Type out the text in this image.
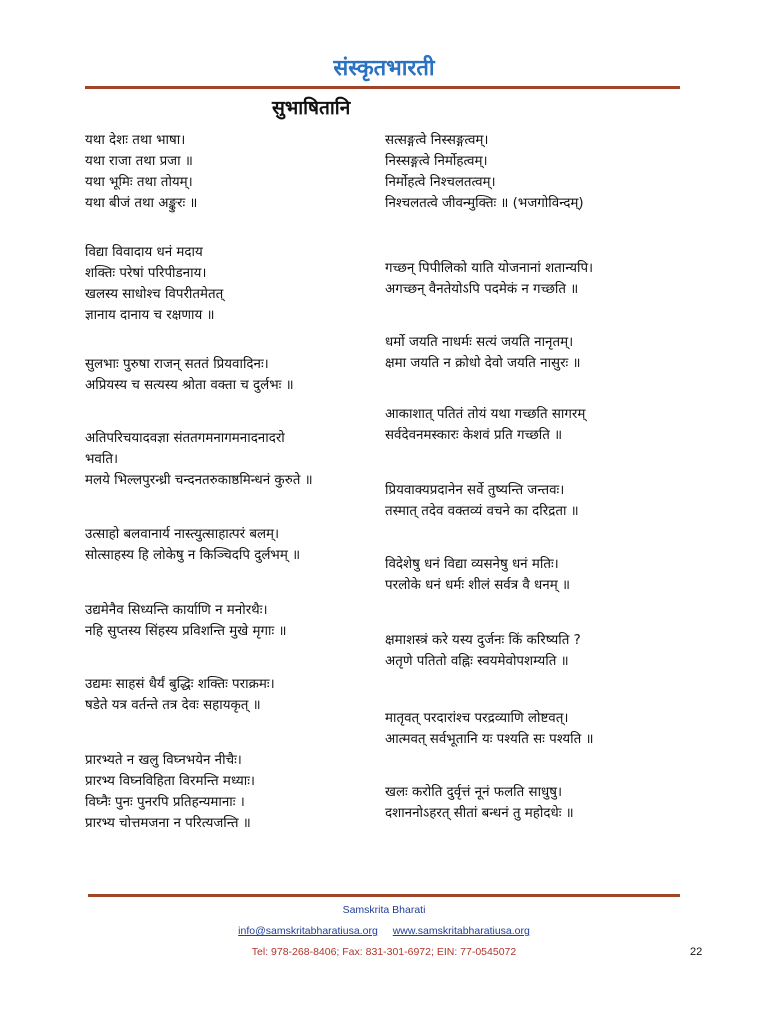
संस्कृतभारती
सुभाषितानि
यथा देशः तथा भाषा।
यथा राजा तथा प्रजा ॥
यथा भूमिः तथा तोयम्।
यथा बीजं तथा अङ्कुरः ॥
विद्या विवादाय धनं मदाय
शक्तिः परेषां परिपीडनाय।
खलस्य साधोश्च विपरीतमेतत्
ज्ञानाय दानाय च रक्षणाय ॥
सुलभाः पुरुषा राजन् सततं प्रियवादिनः।
अप्रियस्य च सत्यस्य श्रोता वक्ता च दुर्लभः ॥
अतिपरिचयादवज्ञा संततगमनागमनादनादरो
भवति।
मलये भिल्लपुरन्ध्री चन्दनतरुकाष्ठमिन्धनं कुरुते ॥
उत्साहो बलवानार्य नास्त्युत्साहात्परं बलम्।
सोत्साहस्य हि लोकेषु न किञ्चिदपि दुर्लभम् ॥
उद्यमेनैव सिध्यन्ति कार्याणि न मनोरथैः।
नहि सुप्तस्य सिंहस्य प्रविशन्ति मुखे मृगाः ॥
उद्यमः साहसं धैर्यं बुद्धिः शक्तिः पराक्रमः।
षडेते यत्र वर्तन्ते तत्र देवः सहायकृत् ॥
प्रारभ्यते न खलु विघ्नभयेन नीचैः।
प्रारभ्य विघ्नविहिता विरमन्ति मध्याः।
विघ्नैः पुनः पुनरपि प्रतिहन्यमानाः ।
प्रारभ्य चोत्तमजना न परित्यजन्ति ॥
सत्सङ्गत्वे निस्सङ्गत्वम्।
निस्सङ्गत्वे निर्मोहत्वम्।
निर्मोहत्वे निश्चलतत्वम्।
निश्चलतत्वे जीवन्मुक्तिः ॥ (भजगोविन्दम्)
गच्छन् पिपीलिको याति योजनानां शतान्यपि।
अगच्छन् वैनतेयोऽपि पदमेकं न गच्छति ॥
धर्मो जयति नाधर्मः सत्यं जयति नानृतम्।
क्षमा जयति न क्रोधो देवो जयति नासुरः ॥
आकाशात् पतितं तोयं यथा गच्छति सागरम्
सर्वदेवनमस्कारः केशवं प्रति गच्छति ॥
प्रियवाक्यप्रदानेन सर्वे तुष्यन्ति जन्तवः।
तस्मात् तदेव वक्तव्यं वचने का दरिद्रता ॥
विदेशेषु धनं विद्या व्यसनेषु धनं मतिः।
परलोके धनं धर्मः शीलं सर्वत्र वै धनम् ॥
क्षमाशस्त्रं करे यस्य दुर्जनः किं करिष्यति ?
अतृणे पतितो वह्निः स्वयमेवोपशम्यति ॥
मातृवत् परदारांश्च परद्रव्याणि लोष्टवत्।
आत्मवत् सर्वभूतानि यः पश्यति सः पश्यति ॥
खलः करोति दुर्वृत्तं नूनं फलति साधुषु।
दशाननोऽहरत् सीतां बन्धनं तु महोदधेः ॥
Samskrita Bharati
info@samskritabharatiusa.org www.samskritabharatiusa.org
Tel: 978-268-8406; Fax: 831-301-6972; EIN: 77-0545072	22
